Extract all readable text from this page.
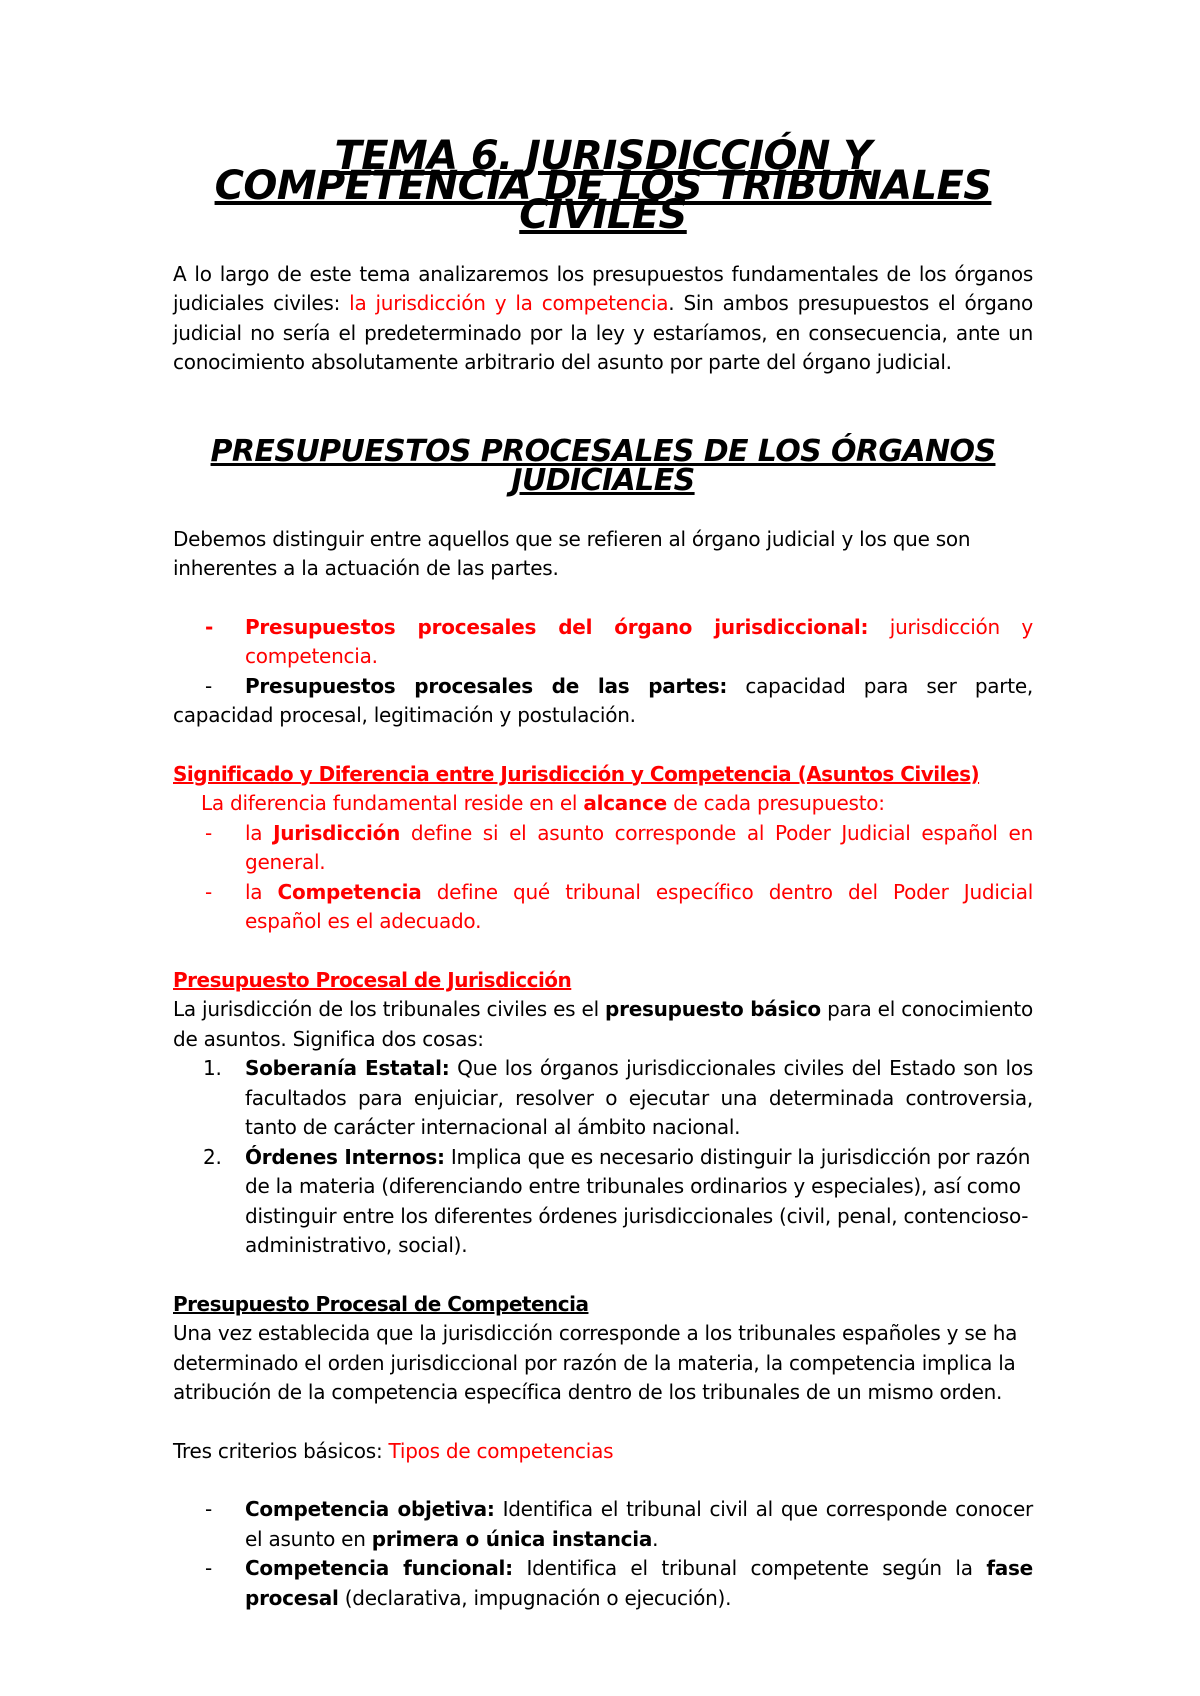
TEMA 6. JURISDICCIÓN Y COMPETENCIA DE LOS TRIBUNALES CIVILES

A lo largo de este tema analizaremos los presupuestos fundamentales de los órganos judiciales civiles: la jurisdicción y la competencia. Sin ambos presupuestos el órgano judicial no sería el predeterminado por la ley y estaríamos, en consecuencia, ante un conocimiento absolutamente arbitrario del asunto por parte del órgano judicial.

PRESUPUESTOS PROCESALES DE LOS ÓRGANOS JUDICIALES

Debemos distinguir entre aquellos que se refieren al órgano judicial y los que son inherentes a la actuación de las partes.

- Presupuestos procesales del órgano jurisdiccional: jurisdicción y competencia.
- Presupuestos procesales de las partes: capacidad para ser parte, capacidad procesal, legitimación y postulación.

Significado y Diferencia entre Jurisdicción y Competencia (Asuntos Civiles)

La diferencia fundamental reside en el alcance de cada presupuesto:

- la Jurisdicción define si el asunto corresponde al Poder Judicial español en general.
- la Competencia define qué tribunal específico dentro del Poder Judicial español es el adecuado.

Presupuesto Procesal de Jurisdicción

La jurisdicción de los tribunales civiles es el presupuesto básico para el conocimiento de asuntos. Significa dos cosas:

1. Soberanía Estatal: Que los órganos jurisdiccionales civiles del Estado son los facultados para enjuiciar, resolver o ejecutar una determinada controversia, tanto de carácter internacional al ámbito nacional.
2. Órdenes Internos: Implica que es necesario distinguir la jurisdicción por razón de la materia (diferenciando entre tribunales ordinarios y especiales), así como distinguir entre los diferentes órdenes jurisdiccionales (civil, penal, contencioso-administrativo, social).

Presupuesto Procesal de Competencia

Una vez establecida que la jurisdicción corresponde a los tribunales españoles y se ha determinado el orden jurisdiccional por razón de la materia, la competencia implica la atribución de la competencia específica dentro de los tribunales de un mismo orden.

Tres criterios básicos: Tipos de competencias

- Competencia objetiva: Identifica el tribunal civil al que corresponde conocer el asunto en primera o única instancia.
- Competencia funcional: Identifica el tribunal competente según la fase procesal (declarativa, impugnación o ejecución).
